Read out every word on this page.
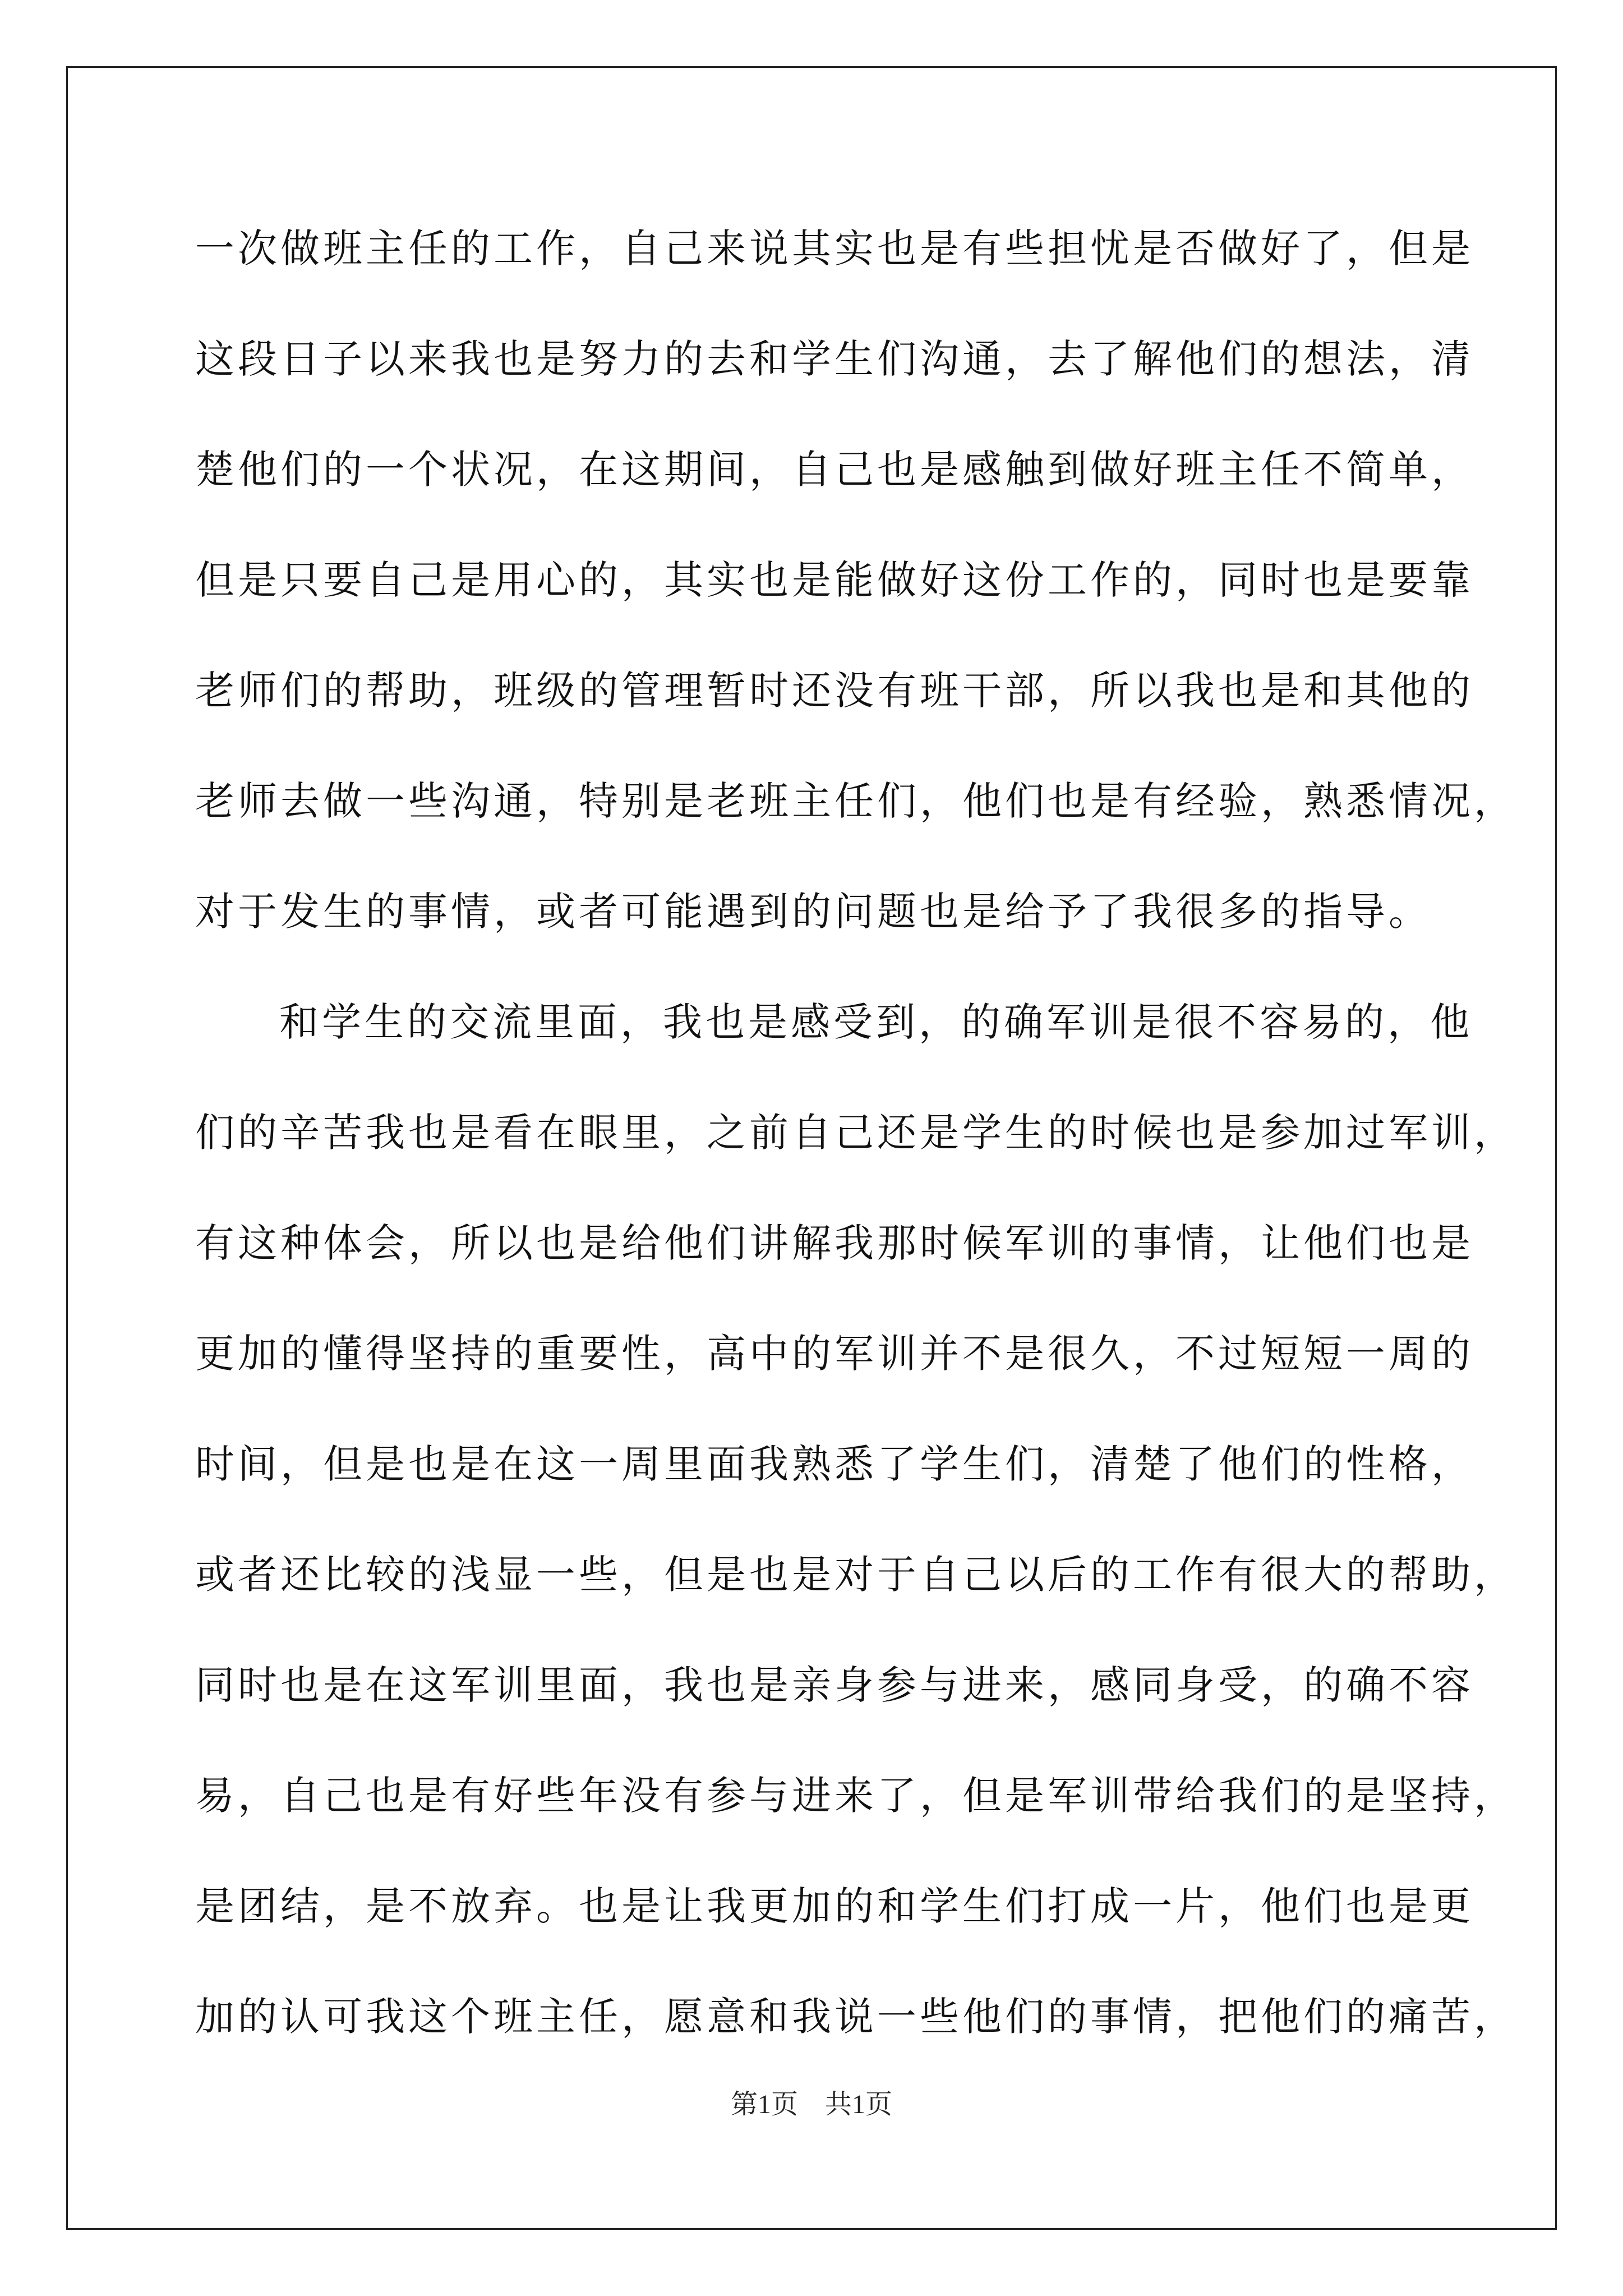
一次做班主任的工作，自己来说其实也是有些担忧是否做好了，但是
这段日子以来我也是努力的去和学生们沟通，去了解他们的想法，清
楚他们的一个状况，在这期间，自己也是感触到做好班主任不简单，
但是只要自己是用心的，其实也是能做好这份工作的，同时也是要靠
老师们的帮助，班级的管理暂时还没有班干部，所以我也是和其他的
老师去做一些沟通，特别是老班主任们，他们也是有经验，熟悉情况，
对于发生的事情，或者可能遇到的问题也是给予了我很多的指导。
和学生的交流里面，我也是感受到，的确军训是很不容易的，他
们的辛苦我也是看在眼里，之前自己还是学生的时候也是参加过军训，
有这种体会，所以也是给他们讲解我那时候军训的事情，让他们也是
更加的懂得坚持的重要性，高中的军训并不是很久，不过短短一周的
时间，但是也是在这一周里面我熟悉了学生们，清楚了他们的性格，
或者还比较的浅显一些，但是也是对于自己以后的工作有很大的帮助，
同时也是在这军训里面，我也是亲身参与进来，感同身受，的确不容
易，自己也是有好些年没有参与进来了，但是军训带给我们的是坚持，
是团结，是不放弃。也是让我更加的和学生们打成一片，他们也是更
加的认可我这个班主任，愿意和我说一些他们的事情，把他们的痛苦，
第1页　共1页
